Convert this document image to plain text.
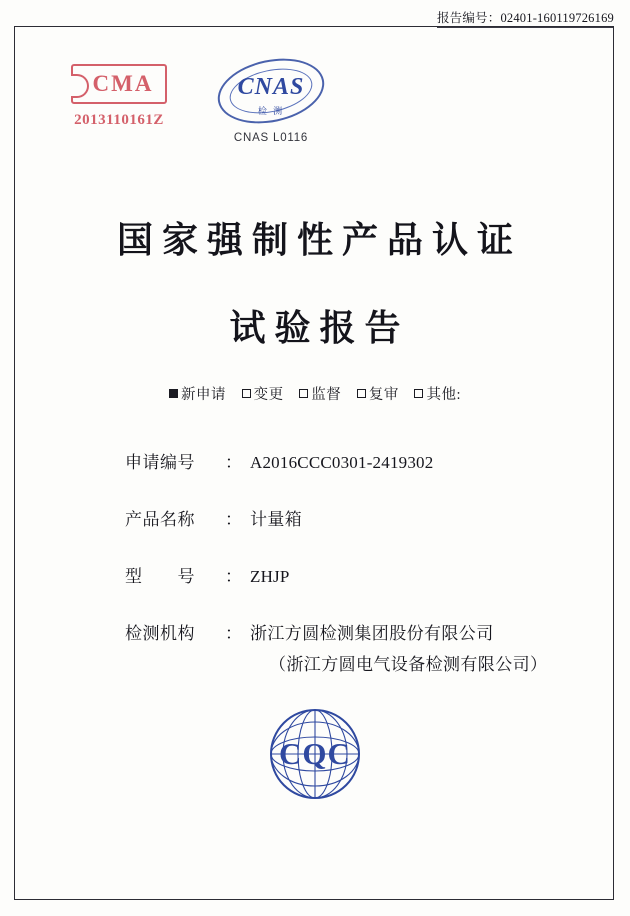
报告编号：02401-160119726169
CMA
2013110161Z
CNAS
检 测
CNAS L0116
国家强制性产品认证
试验报告
新申请 变更 监督 复审 其他:
申请编号 ： A2016CCC0301-2419302
产品名称 ： 计量箱
型　　号 ： ZHJP
检测机构 ： 浙江方圆检测集团股份有限公司
（浙江方圆电气设备检测有限公司）
CQC
